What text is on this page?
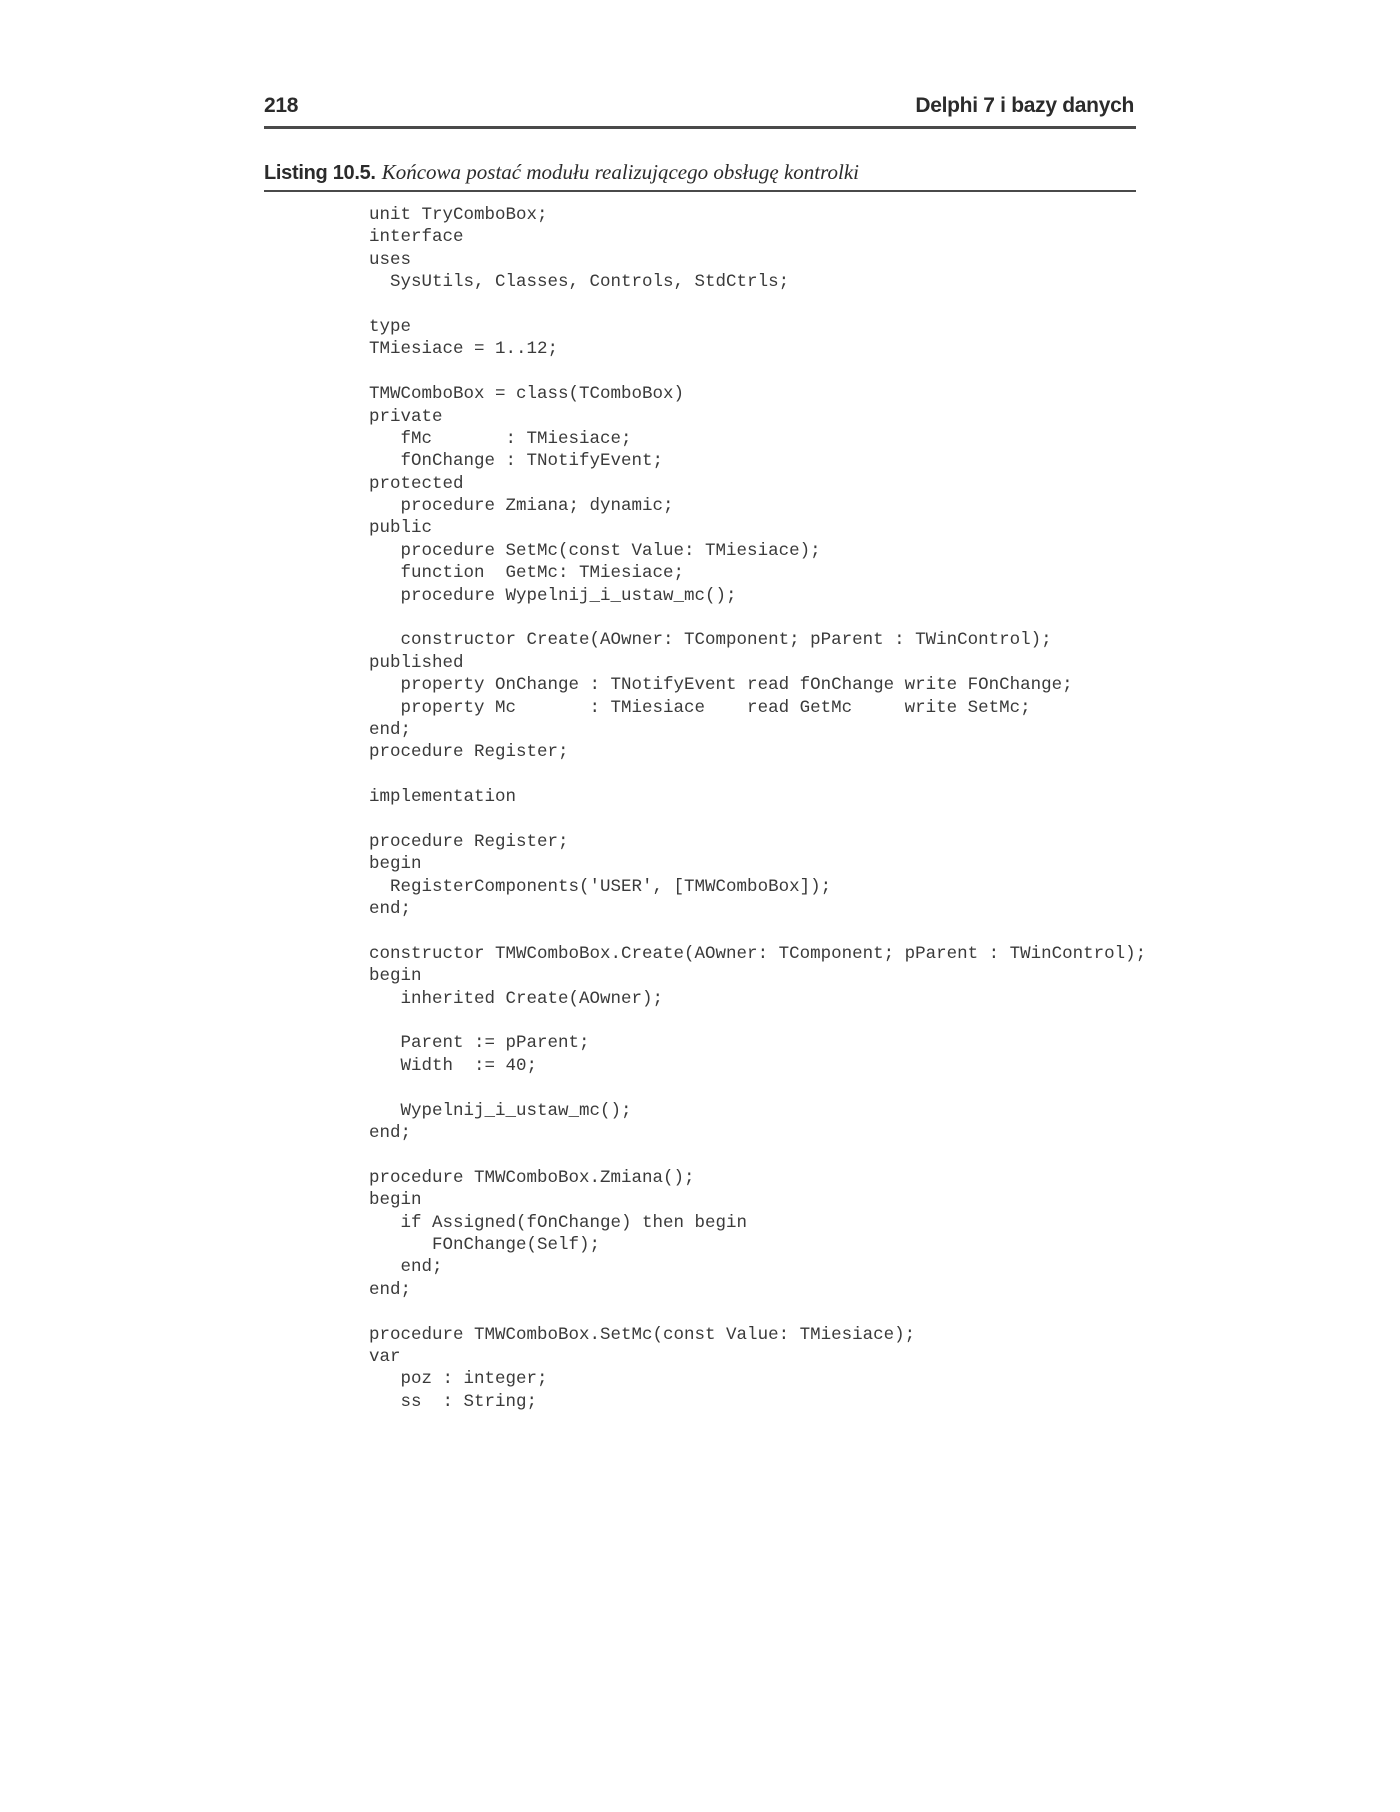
218	Delphi 7 i bazy danych
Listing 10.5. Końcowa postać modułu realizującego obsługę kontrolki
unit TryComboBox;
interface
uses
SysUtils, Classes, Controls, StdCtrls;
type
TMiesiace = 1..12;
TMWComboBox = class(TComboBox)
private
fMc       : TMiesiace;
fOnChange : TNotifyEvent;
protected
procedure Zmiana; dynamic;
public
procedure SetMc(const Value: TMiesiace);
function  GetMc: TMiesiace;
procedure Wypelnij_i_ustaw_mc();
constructor Create(AOwner: TComponent; pParent : TWinControl);
published
property OnChange : TNotifyEvent read fOnChange write FOnChange;
property Mc       : TMiesiace    read GetMc     write SetMc;
end;
procedure Register;
implementation
procedure Register;
begin
RegisterComponents('USER', [TMWComboBox]);
end;
constructor TMWComboBox.Create(AOwner: TComponent; pParent : TWinControl);
begin
inherited Create(AOwner);
Parent := pParent;
Width  := 40;
Wypelnij_i_ustaw_mc();
end;
procedure TMWComboBox.Zmiana();
begin
if Assigned(fOnChange) then begin
FOnChange(Self);
end;
end;
procedure TMWComboBox.SetMc(const Value: TMiesiace);
var
poz : integer;
ss  : String;
